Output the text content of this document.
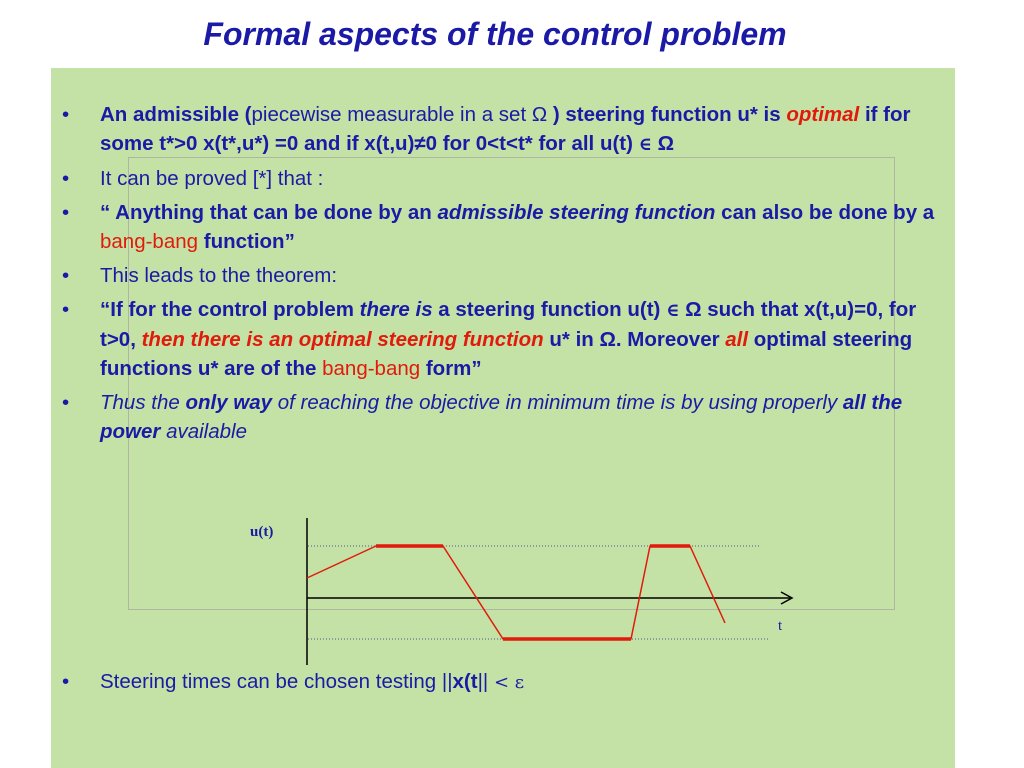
Formal aspects of the control problem
• An admissible (piecewise measurable in a set Ω ) steering function u* is optimal if for some t*>0 x(t*,u*) =0 and if x(t,u)≠0 for 0<t<t* for all u(t) ∈ Ω
• It can be proved [*] that :
• “ Anything that can be done by an admissible steering function can also be done by a bang-bang function”
• This leads to the theorem:
• “If for the control problem there is a steering function u(t) ∈ Ω such that x(t,u)=0, for t>0, then there is an optimal steering function u* in Ω. Moreover all optimal steering functions u* are of the bang-bang form”
• Thus the only way of reaching the objective in minimum time is by using properly all the power available
u(t)
t
• Steering times can be chosen testing ||x(t|| < ε
